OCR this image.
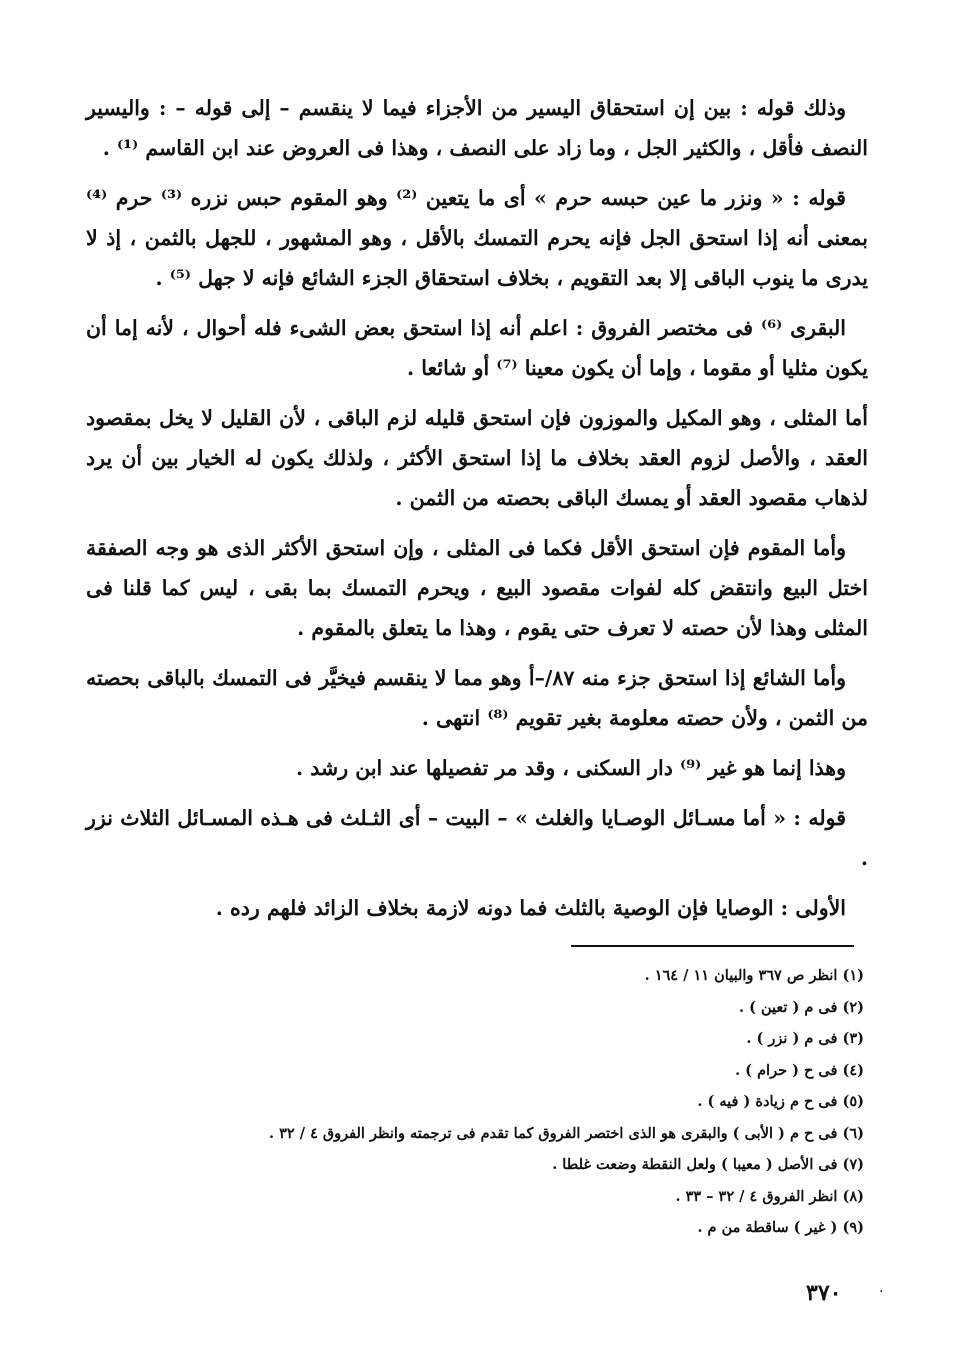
وذلك قوله : بين إن استحقاق اليسير من الأجزاء فيما لا ينقسم – إلى قوله – : واليسير النصف فأقل ، والكثير الجل ، وما زاد على النصف ، وهذا فى العروض عند ابن القاسم ⁽¹⁾ .

قوله : « ونزر ما عين حبسه حرم » أى ما يتعين ⁽²⁾ وهو المقوم حبس نزره ⁽³⁾ حرم ⁽⁴⁾ بمعنى أنه إذا استحق الجل فإنه يحرم التمسك بالأقل ، وهو المشهور ، للجهل بالثمن ، إذ لا يدرى ما ينوب الباقى إلا بعد التقويم ، بخلاف استحقاق الجزء الشائع فإنه لا جهل ⁽⁵⁾ .

البقرى ⁽⁶⁾ فى مختصر الفروق : اعلم أنه إذا استحق بعض الشىء فله أحوال ، لأنه إما أن يكون مثليا أو مقوما ، وإما أن يكون معينا ⁽⁷⁾ أو شائعا .

أما المثلى ، وهو المكيل والموزون فإن استحق قليله لزم الباقى ، لأن القليل لا يخل بمقصود العقد ، والأصل لزوم العقد بخلاف ما إذا استحق الأكثر ، ولذلك يكون له الخيار بين أن يرد لذهاب مقصود العقد أو يمسك الباقى بحصته من الثمن .

وأما المقوم فإن استحق الأقل فكما فى المثلى ، وإن استحق الأكثر الذى هو وجه الصفقة اختل البيع وانتقض كله لفوات مقصود البيع ، ويحرم التمسك بما بقى ، ليس كما قلنا فى المثلى وهذا لأن حصته لا تعرف حتى يقوم ، وهذا ما يتعلق بالمقوم .

وأما الشائع إذا استحق جزء منه ٨٧/–أ وهو مما لا ينقسم فيخيَّر فى التمسك بالباقى بحصته من الثمن ، ولأن حصته معلومة بغير تقويم ⁽⁸⁾ انتهى .

وهذا إنما هو غير ⁽⁹⁾ دار السكنى ، وقد مر تفصيلها عند ابن رشد .

قوله : « أما مسـائل الوصـايا والغلث » – البيت – أى الثـلث فى هـذه المسـائل الثلاث نزر .

الأولى : الوصايا فإن الوصية بالثلث فما دونه لازمة بخلاف الزائد فلهم رده .

(١) انظر ص ٣٦٧ والبيان ١١ / ١٦٤ .
(٢) فى م ( تعين ) .
(٣) فى م ( نزر ) .
(٤) فى ح ( حرام ) .
(٥) فى ح م زيادة ( فيه ) .
(٦) فى ح م ( الأبى ) والبقرى هو الذى اختصر الفروق كما تقدم فى ترجمته وانظر الفروق ٤ / ٣٢ .
(٧) فى الأصل ( معيبا ) ولعل النقطة وضعت غلطا .
(٨) انظر الفروق ٤ / ٣٢ – ٣٣ .
(٩) ( غير ) ساقطة من م .
٣٧٠	·
